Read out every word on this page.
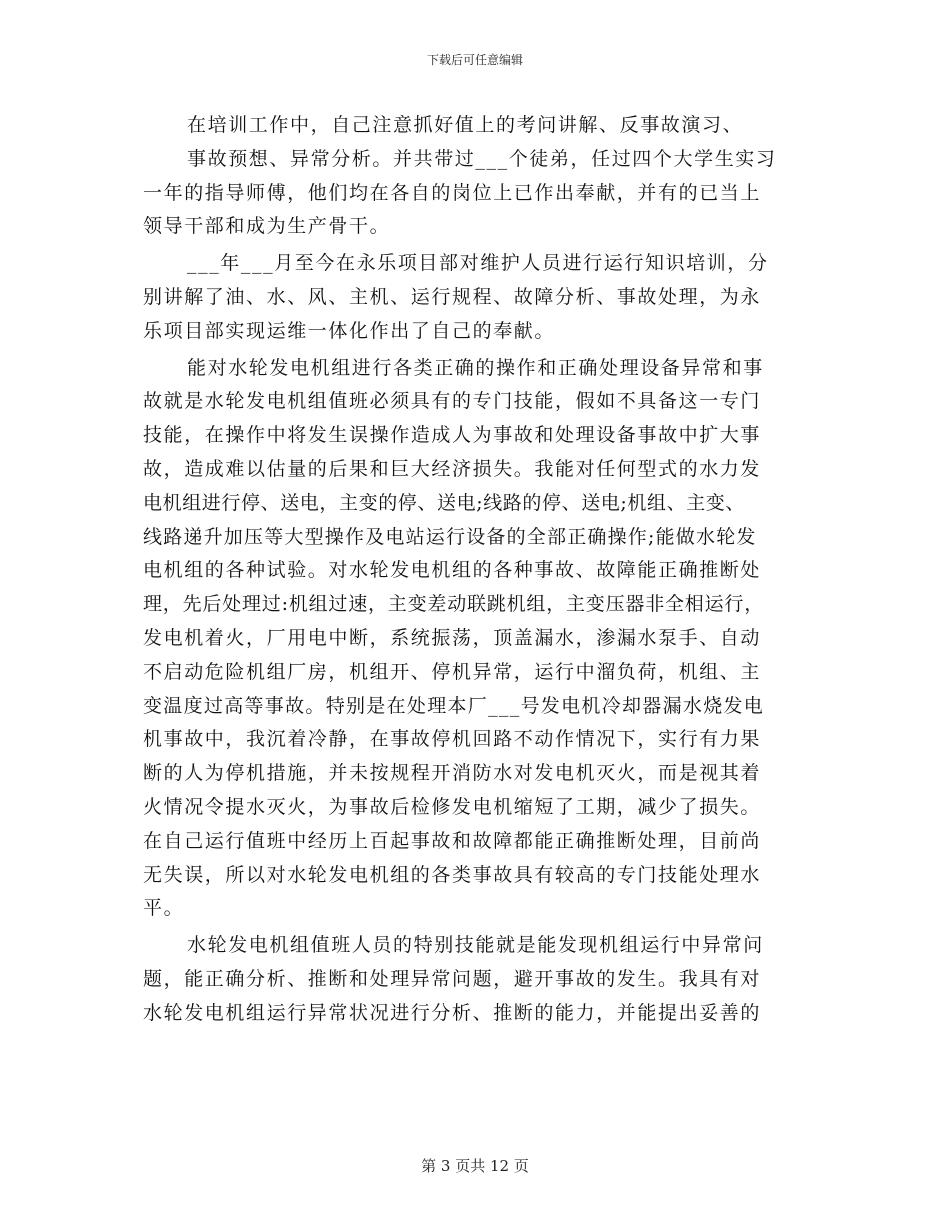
下载后可任意编辑
在培训工作中，自己注意抓好值上的考问讲解、反事故演习、
事故预想、异常分析。并共带过___个徒弟，任过四个大学生实习
一年的指导师傅，他们均在各自的岗位上已作出奉献，并有的已当上
领导干部和成为生产骨干。
___年___月至今在永乐项目部对维护人员进行运行知识培训，分
别讲解了油、水、风、主机、运行规程、故障分析、事故处理，为永
乐项目部实现运维一体化作出了自己的奉献。
能对水轮发电机组进行各类正确的操作和正确处理设备异常和事
故就是水轮发电机组值班必须具有的专门技能，假如不具备这一专门
技能，在操作中将发生误操作造成人为事故和处理设备事故中扩大事
故，造成难以估量的后果和巨大经济损失。我能对任何型式的水力发
电机组进行停、送电，主变的停、送电;线路的停、送电;机组、主变、
线路递升加压等大型操作及电站运行设备的全部正确操作;能做水轮发
电机组的各种试验。对水轮发电机组的各种事故、故障能正确推断处
理，先后处理过:机组过速，主变差动联跳机组，主变压器非全相运行，
发电机着火，厂用电中断，系统振荡，顶盖漏水，渗漏水泵手、自动
不启动危险机组厂房，机组开、停机异常，运行中溜负荷，机组、主
变温度过高等事故。特别是在处理本厂___号发电机冷却器漏水烧发电
机事故中，我沉着冷静，在事故停机回路不动作情况下，实行有力果
断的人为停机措施，并未按规程开消防水对发电机灭火，而是视其着
火情况令提水灭火，为事故后检修发电机缩短了工期，减少了损失。
在自己运行值班中经历上百起事故和故障都能正确推断处理，目前尚
无失误，所以对水轮发电机组的各类事故具有较高的专门技能处理水
平。
水轮发电机组值班人员的特别技能就是能发现机组运行中异常问
题，能正确分析、推断和处理异常问题，避开事故的发生。我具有对
水轮发电机组运行异常状况进行分析、推断的能力，并能提出妥善的
第 3 页共 12 页
